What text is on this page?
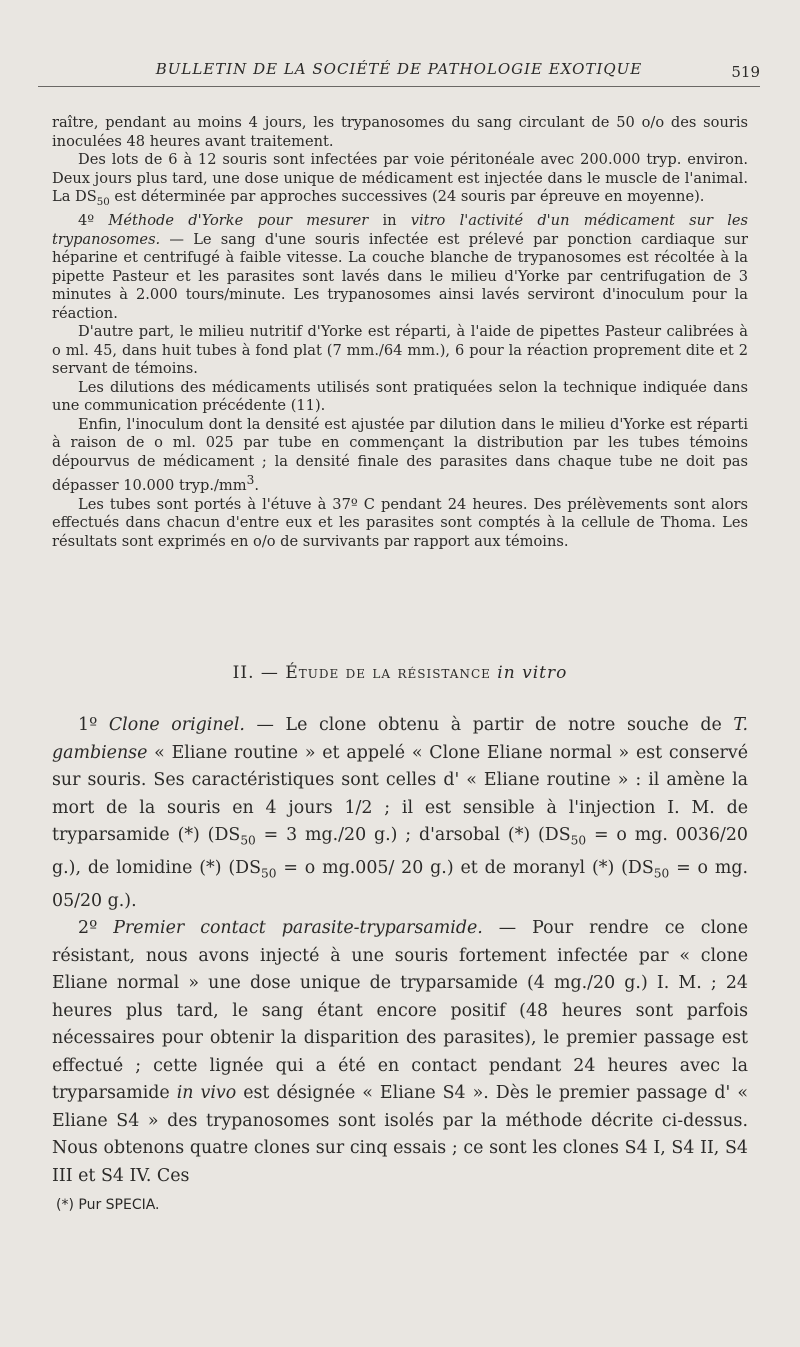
BULLETIN DE LA SOCIÉTÉ DE PATHOLOGIE EXOTIQUE	519

raître, pendant au moins 4 jours, les trypanosomes du sang circulant de 50 o/o des souris inoculées 48 heures avant traitement.

Des lots de 6 à 12 souris sont infectées par voie péritonéale avec 200.000 tryp. environ. Deux jours plus tard, une dose unique de médicament est injectée dans le muscle de l'animal. La $DS_{50}$ est déterminée par approches successives (24 souris par épreuve en moyenne).

4º Méthode d'Yorke pour mesurer in vitro l'activité d'un médicament sur les trypanosomes. — Le sang d'une souris infectée est prélevé par ponction cardiaque sur héparine et centrifugé à faible vitesse. La couche blanche de trypanosomes est récoltée à la pipette Pasteur et les parasites sont lavés dans le milieu d'Yorke par centrifugation de 3 minutes à 2.000 tours/minute. Les trypanosomes ainsi lavés serviront d'inoculum pour la réaction.

D'autre part, le milieu nutritif d'Yorke est réparti, à l'aide de pipettes Pasteur calibrées à o ml. 45, dans huit tubes à fond plat (7 mm./64 mm.), 6 pour la réaction proprement dite et 2 servant de témoins.

Les dilutions des médicaments utilisés sont pratiquées selon la technique indiquée dans une communication précédente (11).

Enfin, l'inoculum dont la densité est ajustée par dilution dans le milieu d'Yorke est réparti à raison de o ml. 025 par tube en commençant la distribution par les tubes témoins dépourvus de médicament ; la densité finale des parasites dans chaque tube ne doit pas dépasser 10.000 $tryp./mm^3$.

Les tubes sont portés à l'étuve à 37º C pendant 24 heures. Des prélèvements sont alors effectués dans chacun d'entre eux et les parasites sont comptés à la cellule de Thoma. Les résultats sont exprimés en o/o de survivants par rapport aux témoins.

II. — Étude de la résistance in vitro

1º Clone originel. — Le clone obtenu à partir de notre souche de T. gambiense « Eliane routine » et appelé « Clone Eliane normal » est conservé sur souris. Ses caractéristiques sont celles d' « Eliane routine » : il amène la mort de la souris en 4 jours 1/2 ; il est sensible à l'injection I. M. de tryparsamide (*) ($DS_{50} = 3$ mg./20 g.) ; d'arsobal (*) ($DS_{50} = o$ mg. 0036/20 g.), de lomidine (*) ($DS_{50} = o$ mg.005/ 20 g.) et de moranyl (*) ($DS_{50} = o$ mg. 05/20 g.).

2º Premier contact parasite-tryparsamide. — Pour rendre ce clone résistant, nous avons injecté à une souris fortement infectée par « clone Eliane normal » une dose unique de tryparsamide (4 mg./20 g.) I. M. ; 24 heures plus tard, le sang étant encore positif (48 heures sont parfois nécessaires pour obtenir la disparition des parasites), le premier passage est effectué ; cette lignée qui a été en contact pendant 24 heures avec la tryparsamide in vivo est désignée « Eliane S4 ». Dès le premier passage d' « Eliane S4 » des trypanosomes sont isolés par la méthode décrite ci-dessus. Nous obtenons quatre clones sur cinq essais ; ce sont les clones S4 I, S4 II, S4 III et S4 IV. Ces

(*) Pur SPECIA.
